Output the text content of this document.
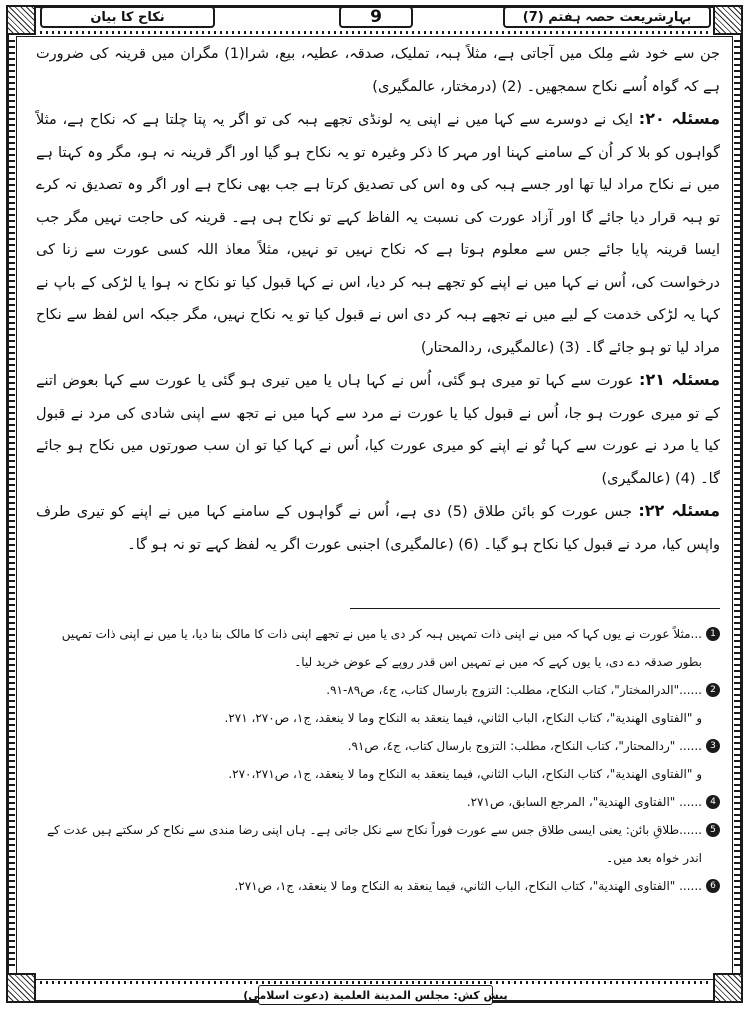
بہارِشریعت حصہ ہفتم (7)
9
نکاح کا بیان

جن سے خود شے مِلک میں آجاتی ہے، مثلاً ہبہ، تملیک، صدقہ، عطیہ، بیع، شرا(1) مگران میں قرینہ کی ضرورت ہے کہ گواہ اُسے نکاح سمجھیں۔ (2) (درمختار، عالمگیری)

مسئلہ ۲۰: ایک نے دوسرے سے کہا میں نے اپنی یہ لونڈی تجھے ہبہ کی تو اگر یہ پتا چلتا ہے کہ نکاح ہے، مثلاً گواہوں کو بلا کر اُن کے سامنے کہنا اور مہر کا ذکر وغیرہ تو یہ نکاح ہو گیا اور اگر قرینہ نہ ہو، مگر وہ کہتا ہے میں نے نکاح مراد لیا تھا اور جسے ہبہ کی وہ اس کی تصدیق کرتا ہے جب بھی نکاح ہے اور اگر وہ تصدیق نہ کرے تو ہبہ قرار دیا جائے گا اور آزاد عورت کی نسبت یہ الفاظ کہے تو نکاح ہی ہے۔ قرینہ کی حاجت نہیں مگر جب ایسا قرینہ پایا جائے جس سے معلوم ہوتا ہے کہ نکاح نہیں تو نہیں، مثلاً معاذ اللہ کسی عورت سے زنا کی درخواست کی، اُس نے کہا میں نے اپنے کو تجھے ہبہ کر دیا، اس نے کہا قبول کیا تو نکاح نہ ہوا یا لڑکی کے باپ نے کہا یہ لڑکی خدمت کے لیے میں نے تجھے ہبہ کر دی اس نے قبول کیا تو یہ نکاح نہیں، مگر جبکہ اس لفظ سے نکاح مراد لیا تو ہو جائے گا۔ (3) (عالمگیری، ردالمحتار)

مسئلہ ۲۱: عورت سے کہا تو میری ہو گئی، اُس نے کہا ہاں یا میں تیری ہو گئی یا عورت سے کہا بعوض اتنے کے تو میری عورت ہو جا، اُس نے قبول کیا یا عورت نے مرد سے کہا میں نے تجھ سے اپنی شادی کی مرد نے قبول کیا یا مرد نے عورت سے کہا تُو نے اپنے کو میری عورت کیا، اُس نے کہا کیا تو ان سب صورتوں میں نکاح ہو جائے گا۔ (4) (عالمگیری)

مسئلہ ۲۲: جس عورت کو بائن طلاق (5) دی ہے، اُس نے گواہوں کے سامنے کہا میں نے اپنے کو تیری طرف واپس کیا، مرد نے قبول کیا نکاح ہو گیا۔ (6) (عالمگیری) اجنبی عورت اگر یہ لفظ کہے تو نہ ہو گا۔

1
...مثلاً عورت نے یوں کہا کہ میں نے اپنی ذات تمہیں ہبہ کر دی یا میں نے تجھے اپنی ذات کا مالک بنا دیا، یا میں نے اپنی ذات تمہیں بطور صدقہ دے دی، یا یوں کہے کہ میں نے تمہیں اس قدر روپے کے عوض خرید لیا۔
2
......"الدرالمختار"، كتاب النكاح، مطلب: التزوج بارسال كتاب، ج٤، ص٨٩-٩١.

و "الفتاوى الهندية"، كتاب النكاح، الباب الثاني، فيما ينعقد به النكاح وما لا ينعقد، ج١، ص٢٧٠، ٢٧١.

3
...... "ردالمحتار"، كتاب النكاح، مطلب: التزوج بارسال كتاب، ج٤، ص٩١.

و "الفتاوى الهندية"، كتاب النكاح، الباب الثاني، فيما ينعقد به النكاح وما لا ينعقد، ج١، ص٢٧٠،٢٧١.

4
...... "الفتاوى الهندية"، المرجع السابق، ص٢٧١.
5
......طلاقِ بائن: یعنی ایسی طلاق جس سے عورت فوراً نکاح سے نکل جاتی ہے۔ ہاں اپنی رضا مندی سے نکاح کر سکتے ہیں عدت کے اندر خواہ بعد میں۔
6
...... "الفتاوى الهندية"، كتاب النكاح، الباب الثاني، فيما ينعقد به النكاح وما لا ينعقد، ج١، ص٢٧١.
پیش کش:

مجلس المدينة العلمية

(دعوت اسلامی)
